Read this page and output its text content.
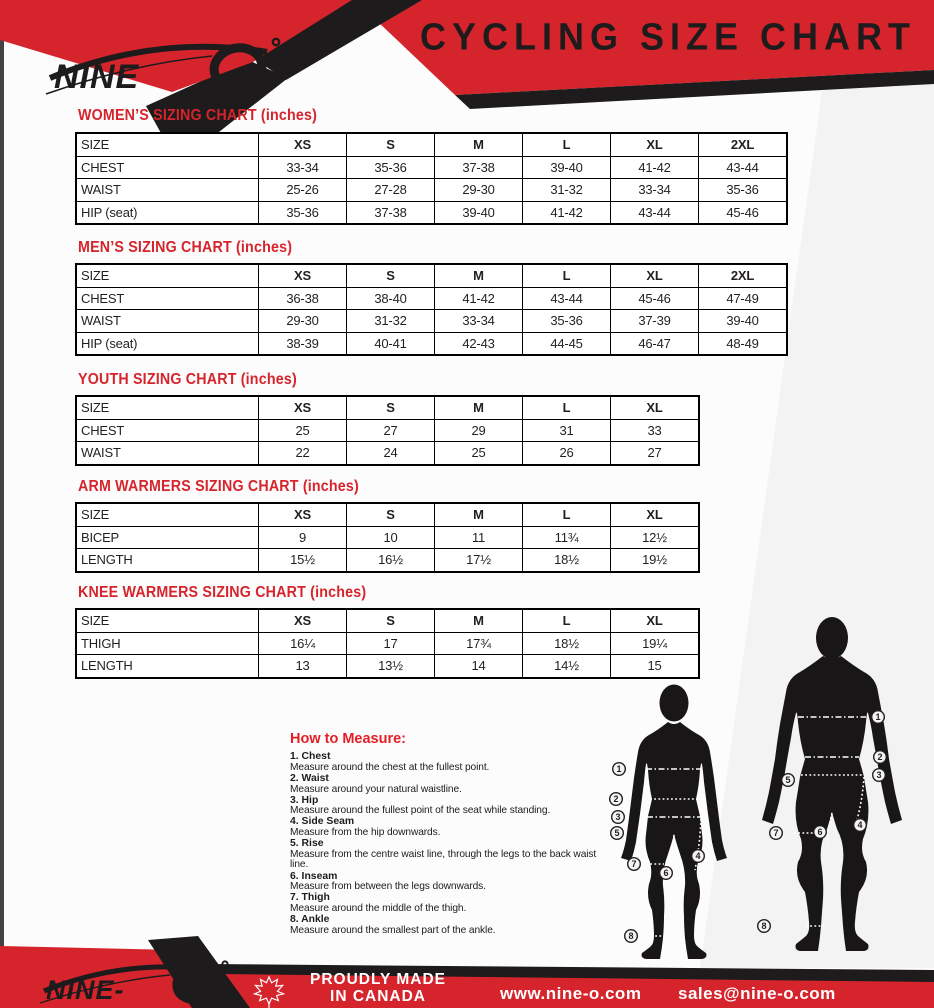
CYCLING SIZE CHART
NINE
WOMEN’S SIZING CHART (inches)
MEN’S SIZING CHART (inches)
YOUTH SIZING CHART (inches)
ARM WARMERS SIZING CHART (inches)
KNEE WARMERS SIZING CHART (inches)
SIZE	XS	S	M	L	XL	2XL
CHEST	33-34	35-36	37-38	39-40	41-42	43-44
WAIST	25-26	27-28	29-30	31-32	33-34	35-36
HIP (seat)	35-36	37-38	39-40	41-42	43-44	45-46
SIZE	XS	S	M	L	XL	2XL
CHEST	36-38	38-40	41-42	43-44	45-46	47-49
WAIST	29-30	31-32	33-34	35-36	37-39	39-40
HIP (seat)	38-39	40-41	42-43	44-45	46-47	48-49
SIZE	XS	S	M	L	XL
CHEST	25	27	29	31	33
WAIST	22	24	25	26	27
SIZE	XS	S	M	L	XL
BICEP	9	10	11	11¾	12½
LENGTH	15½	16½	17½	18½	19½
SIZE	XS	S	M	L	XL
THIGH	16¼	17	17¾	18½	19¼
LENGTH	13	13½	14	14½	15
How to Measure:
1. Chest
Measure around the chest at the fullest point.
2. Waist
Measure around your natural waistline.
3. Hip
Measure around the fullest point of the seat while standing.
4. Side Seam
Measure from the hip downwards.
5. Rise
Measure from the centre waist line, through the legs to the back waist line.
6. Inseam
Measure from between the legs downwards.
7. Thigh
Measure around the middle of the thigh.
8. Ankle
Measure around the smallest part of the ankle.
1
2
3
5
7
8
4
6
1
2
3
4
5
6
7
8
NINE-	PROUDLY MADE
IN CANADA	www.nine-o.com sales@nine-o.com
